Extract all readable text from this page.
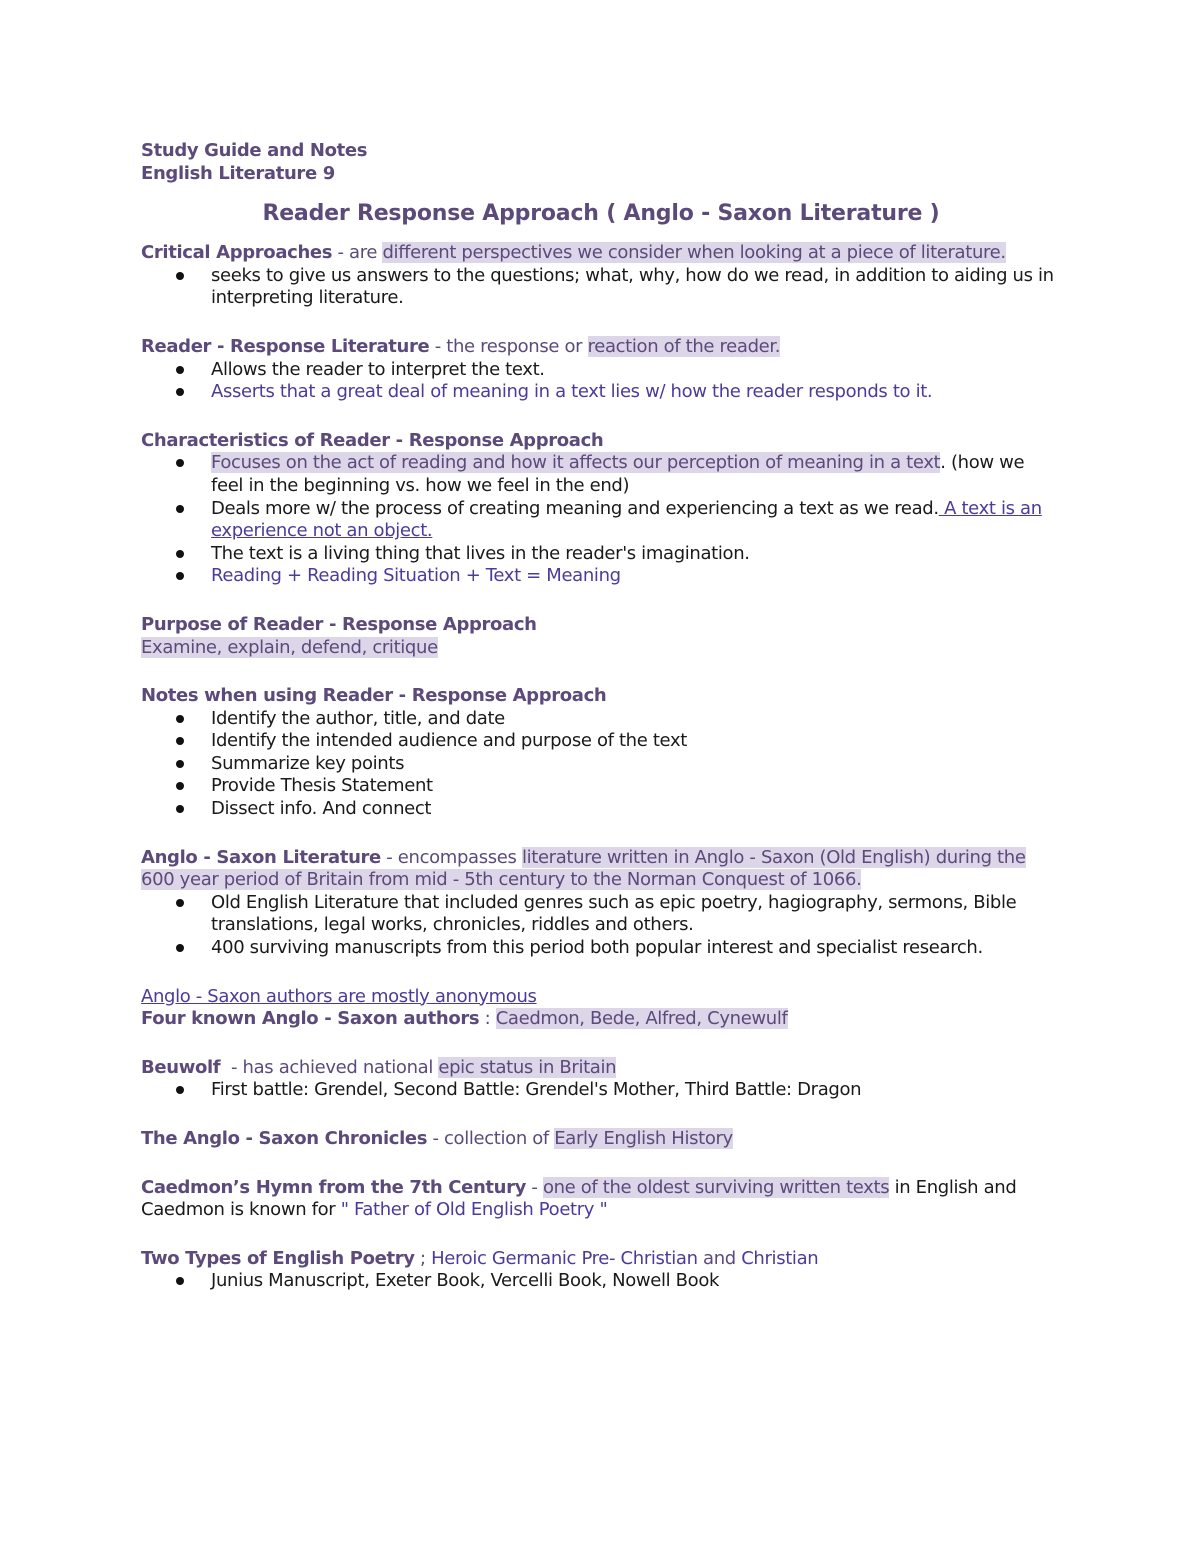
Study Guide and Notes
English Literature 9
Reader Response Approach ( Anglo - Saxon Literature )
Critical Approaches - are different perspectives we consider when looking at a piece of literature.
seeks to give us answers to the questions; what, why, how do we read, in addition to aiding us in interpreting literature.
Reader - Response Literature - the response or reaction of the reader.
Allows the reader to interpret the text.
Asserts that a great deal of meaning in a text lies w/ how the reader responds to it.
Characteristics of Reader - Response Approach
Focuses on the act of reading and how it affects our perception of meaning in a text. (how we feel in the beginning vs. how we feel in the end)
Deals more w/ the process of creating meaning and experiencing a text as we read. A text is an experience not an object.
The text is a living thing that lives in the reader's imagination.
Reading + Reading Situation + Text = Meaning
Purpose of Reader - Response Approach
Examine, explain, defend, critique
Notes when using Reader - Response Approach
Identify the author, title, and date
Identify the intended audience and purpose of the text
Summarize key points
Provide Thesis Statement
Dissect info. And connect
Anglo - Saxon Literature - encompasses literature written in Anglo - Saxon (Old English) during the 600 year period of Britain from mid - 5th century to the Norman Conquest of 1066.
Old English Literature that included genres such as epic poetry, hagiography, sermons, Bible translations, legal works, chronicles, riddles and others.
400 surviving manuscripts from this period both popular interest and specialist research.
Anglo - Saxon authors are mostly anonymous
Four known Anglo - Saxon authors : Caedmon, Bede, Alfred, Cynewulf
Beuwolf  - has achieved national epic status in Britain
First battle: Grendel, Second Battle: Grendel's Mother, Third Battle: Dragon
The Anglo - Saxon Chronicles - collection of Early English History
Caedmon’s Hymn from the 7th Century - one of the oldest surviving written texts in English and Caedmon is known for " Father of Old English Poetry "
Two Types of English Poetry ; Heroic Germanic Pre- Christian and Christian
Junius Manuscript, Exeter Book, Vercelli Book, Nowell Book
